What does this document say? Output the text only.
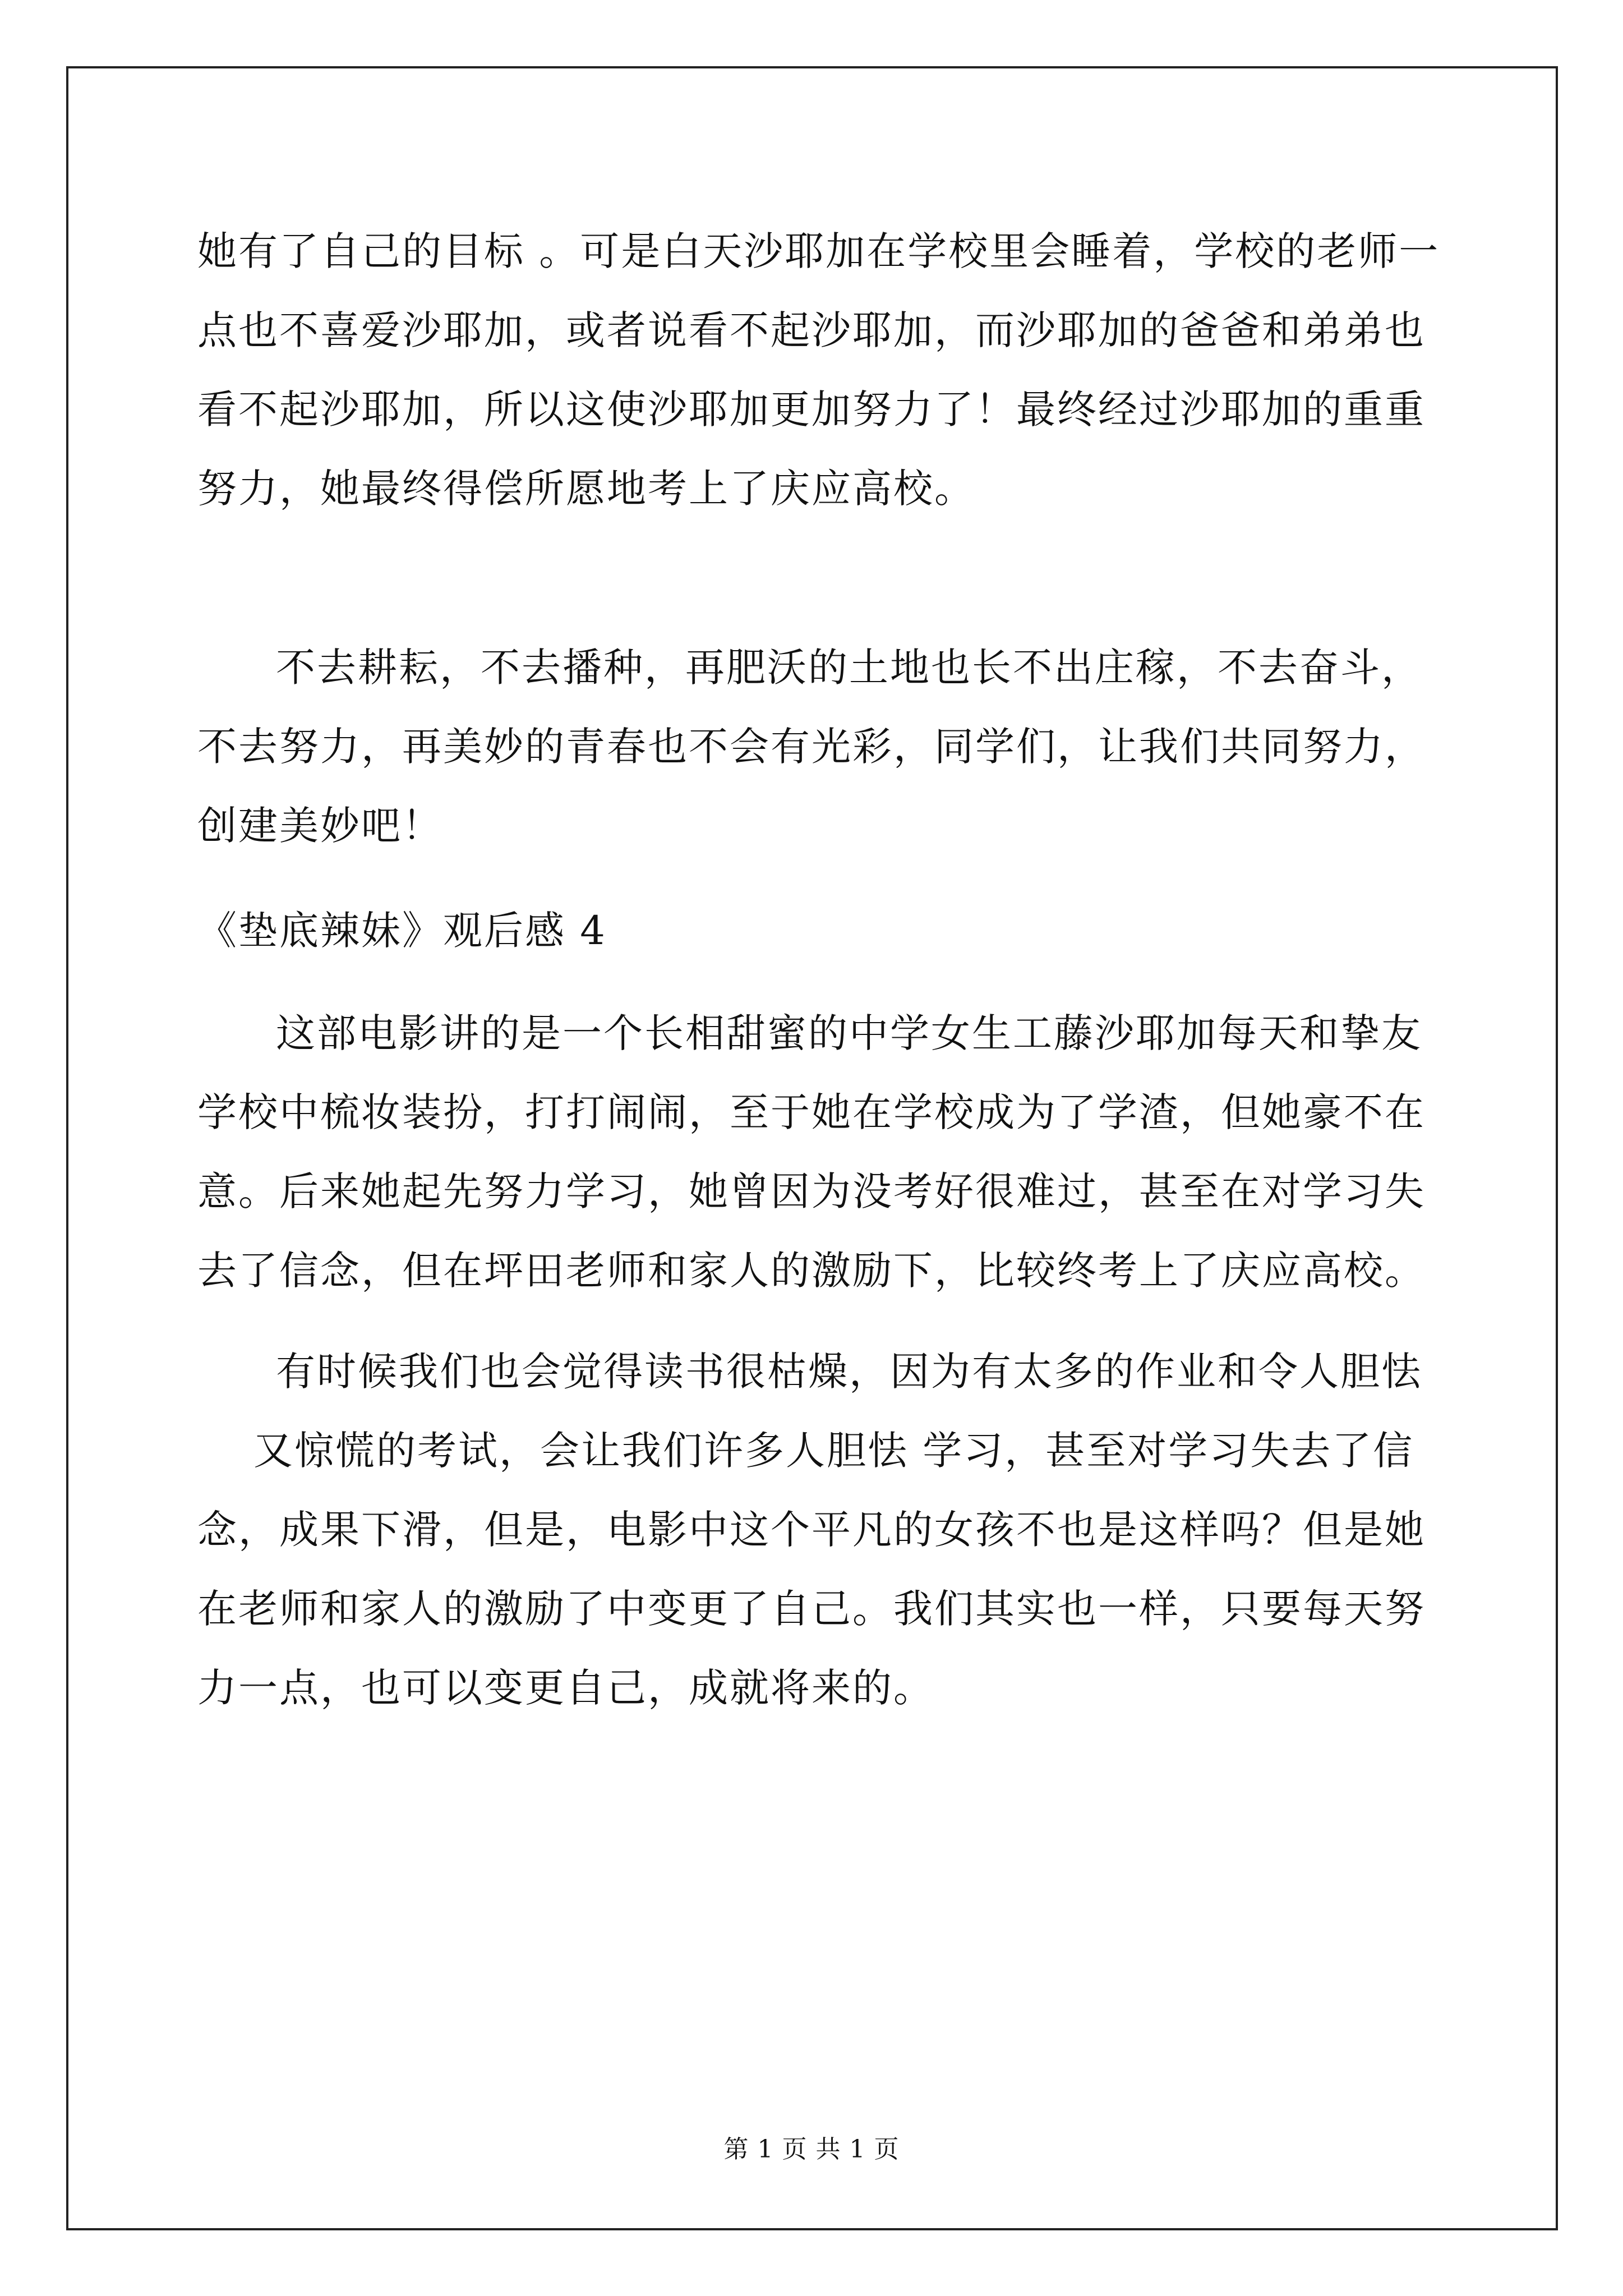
她有了自己的目标 。可是白天沙耶加在学校里会睡着，学校的老师一
点也不喜爱沙耶加，或者说看不起沙耶加，而沙耶加的爸爸和弟弟也
看不起沙耶加，所以这使沙耶加更加努力了！最终经过沙耶加的重重
努力，她最终得偿所愿地考上了庆应高校。
不去耕耘，不去播种，再肥沃的土地也长不出庄稼，不去奋斗，
不去努力，再美妙的青春也不会有光彩，同学们，让我们共同努力，
创建美妙吧！
《垫底辣妹》观后感 4
这部电影讲的是一个长相甜蜜的中学女生工藤沙耶加每天和挚友
学校中梳妆装扮，打打闹闹，至于她在学校成为了学渣，但她豪不在
意。后来她起先努力学习，她曾因为没考好很难过，甚至在对学习失
去了信念，但在坪田老师和家人的激励下，比较终考上了庆应高校。
有时候我们也会觉得读书很枯燥，因为有太多的作业和令人胆怯
又惊慌的考试，会让我们许多人胆怯 学习，甚至对学习失去了信
念，成果下滑，但是，电影中这个平凡的女孩不也是这样吗？但是她
在老师和家人的激励了中变更了自己。我们其实也一样，只要每天努
力一点，也可以变更自己，成就将来的。
第 1 页 共 1 页
